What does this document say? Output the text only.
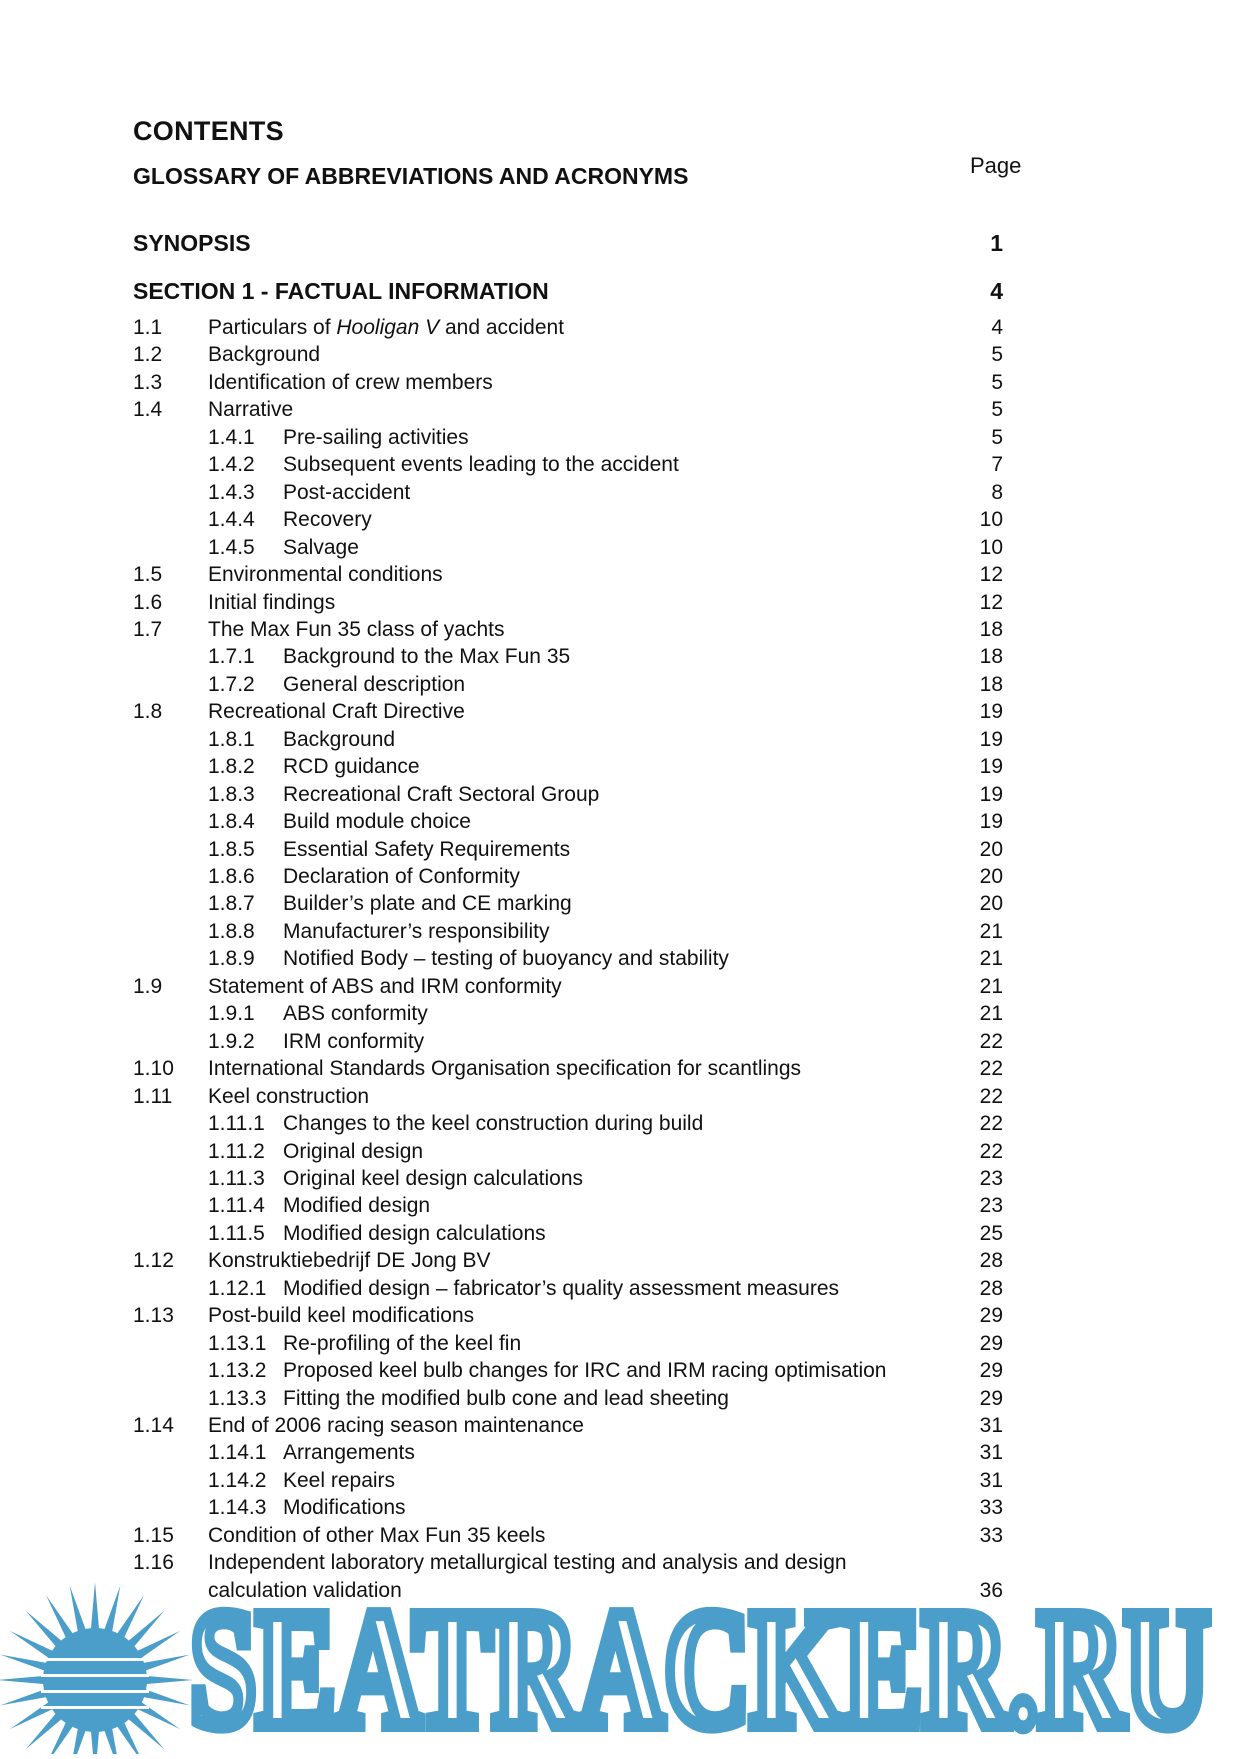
CONTENTS
Page
GLOSSARY OF ABBREVIATIONS AND ACRONYMS
SYNOPSIS	1
SECTION 1 - FACTUAL INFORMATION	4
1.1 Particulars of Hooligan V and accident	4
1.2 Background	5
1.3 Identification of crew members	5
1.4 Narrative	5
1.4.1 Pre-sailing activities	5
1.4.2 Subsequent events leading to the accident	7
1.4.3 Post-accident	8
1.4.4 Recovery	10
1.4.5 Salvage	10
1.5 Environmental conditions	12
1.6 Initial findings	12
1.7 The Max Fun 35 class of yachts	18
1.7.1 Background to the Max Fun 35	18
1.7.2 General description	18
1.8 Recreational Craft Directive	19
1.8.1 Background	19
1.8.2 RCD guidance	19
1.8.3 Recreational Craft Sectoral Group	19
1.8.4 Build module choice	19
1.8.5 Essential Safety Requirements	20
1.8.6 Declaration of Conformity	20
1.8.7 Builder’s plate and CE marking	20
1.8.8 Manufacturer’s responsibility	21
1.8.9 Notified Body – testing of buoyancy and stability	21
1.9 Statement of ABS and IRM conformity	21
1.9.1 ABS conformity	21
1.9.2 IRM conformity	22
1.10 International Standards Organisation specification for scantlings	22
1.11 Keel construction	22
1.11.1 Changes to the keel construction during build	22
1.11.2 Original design	22
1.11.3 Original keel design calculations	23
1.11.4 Modified design	23
1.11.5 Modified design calculations	25
1.12 Konstruktiebedrijf DE Jong BV	28
1.12.1 Modified design – fabricator’s quality assessment measures	28
1.13 Post-build keel modifications	29
1.13.1 Re-profiling of the keel fin	29
1.13.2 Proposed keel bulb changes for IRC and IRM racing optimisation	29
1.13.3 Fitting the modified bulb cone and lead sheeting	29
1.14 End of 2006 racing season maintenance	31
1.14.1 Arrangements	31
1.14.2 Keel repairs	31
1.14.3 Modifications	33
1.15 Condition of other Max Fun 35 keels	33
1.16 Independent laboratory metallurgical testing and analysis and design
calculation validation	36
SEATRACKER.RU
